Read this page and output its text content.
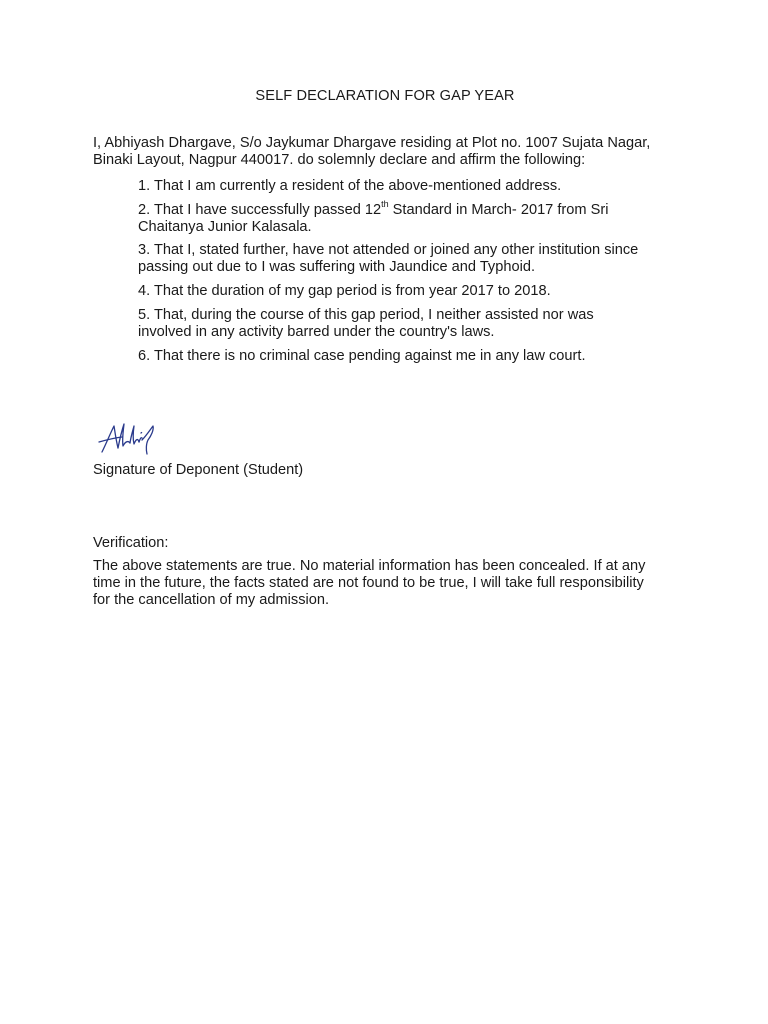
SELF DECLARATION FOR GAP YEAR
I, Abhiyash Dhargave, S/o Jaykumar Dhargave residing at Plot no. 1007 Sujata Nagar,
Binaki Layout, Nagpur 440017. do solemnly declare and affirm the following:
1. That I am currently a resident of the above-mentioned address.
2. That I have successfully passed 12th Standard in March- 2017 from Sri
Chaitanya Junior Kalasala.
3. That I, stated further, have not attended or joined any other institution since
passing out due to I was suffering with Jaundice and Typhoid.
4. That the duration of my gap period is from year 2017 to 2018.
5. That, during the course of this gap period, I neither assisted nor was
involved in any activity barred under the country's laws.
6. That there is no criminal case pending against me in any law court.
Signature of Deponent (Student)
Verification:
The above statements are true. No material information has been concealed. If at any
time in the future, the facts stated are not found to be true, I will take full responsibility
for the cancellation of my admission.
